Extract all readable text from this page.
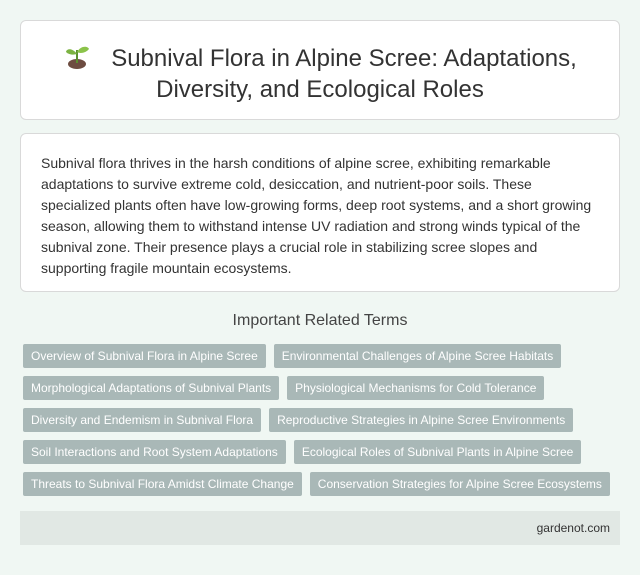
Subnival Flora in Alpine Scree: Adaptations,
Diversity, and Ecological Roles

Subnival flora thrives in the harsh conditions of alpine scree, exhibiting remarkable adaptations to survive extreme cold, desiccation, and nutrient-poor soils. These specialized plants often have low-growing forms, deep root systems, and a short growing season, allowing them to withstand intense UV radiation and strong winds typical of the subnival zone. Their presence plays a crucial role in stabilizing scree slopes and supporting fragile mountain ecosystems.

Important Related Terms
Overview of Subnival Flora in Alpine Scree	Environmental Challenges of Alpine Scree Habitats
Morphological Adaptations of Subnival Plants	Physiological Mechanisms for Cold Tolerance
Diversity and Endemism in Subnival Flora	Reproductive Strategies in Alpine Scree Environments
Soil Interactions and Root System Adaptations	Ecological Roles of Subnival Plants in Alpine Scree
Threats to Subnival Flora Amidst Climate Change	Conservation Strategies for Alpine Scree Ecosystems
gardenot.com
